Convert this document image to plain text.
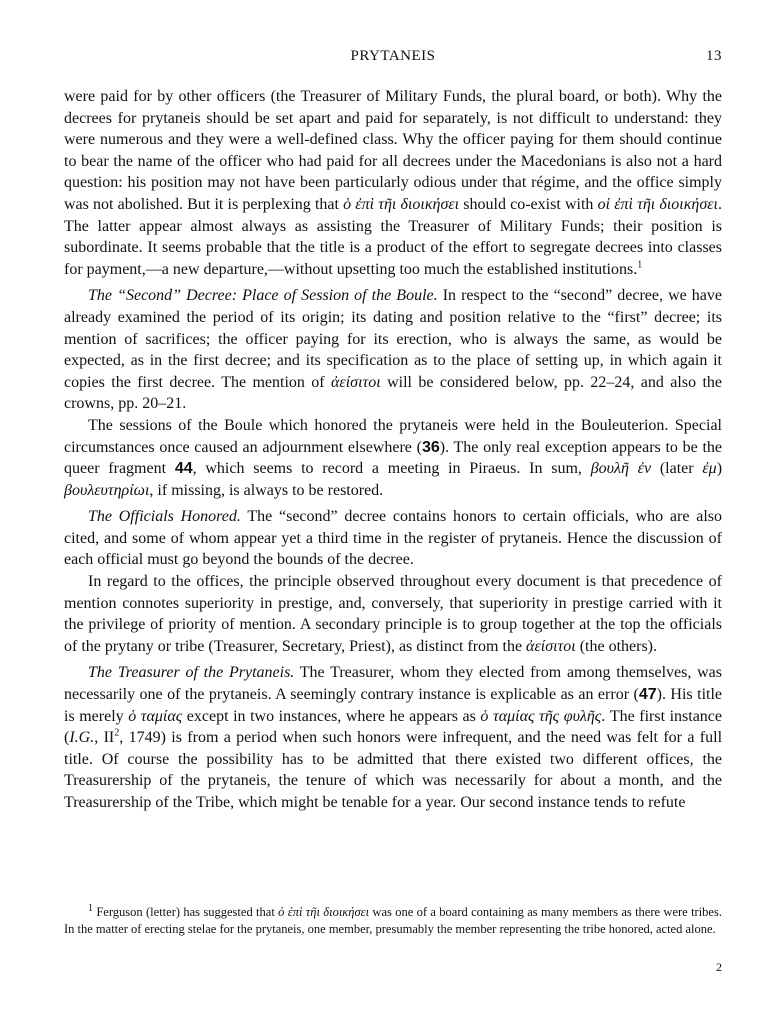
PRYTANEIS	13

were paid for by other officers (the Treasurer of Military Funds, the plural board, or both). Why the decrees for prytaneis should be set apart and paid for separately, is not difficult to understand: they were numerous and they were a well-defined class. Why the officer paying for them should continue to bear the name of the officer who had paid for all decrees under the Macedonians is also not a hard question: his position may not have been particularly odious under that régime, and the office simply was not abolished. But it is perplexing that ὁ ἐπὶ τῆι διοικήσει should co-exist with οἱ ἐπὶ τῆι διοικήσει. The latter appear almost always as assisting the Treasurer of Military Funds; their position is subordinate. It seems probable that the title is a product of the effort to segregate decrees into classes for payment,—a new departure,—without upsetting too much the established institutions.$^1$

The “Second” Decree: Place of Session of the Boule. In respect to the “second” decree, we have already examined the period of its origin; its dating and position relative to the “first” decree; its mention of sacrifices; the officer paying for its erection, who is always the same, as would be expected, as in the first decree; and its specification as to the place of setting up, in which again it copies the first decree. The mention of ἀείσιτοι will be considered below, pp. 22–24, and also the crowns, pp. 20–21.

The sessions of the Boule which honored the prytaneis were held in the Bouleuterion. Special circumstances once caused an adjournment elsewhere (36). The only real exception appears to be the queer fragment 44, which seems to record a meeting in Piraeus. In sum, βουλῆ ἐν (later ἐμ) βουλευτηρίωι, if missing, is always to be restored.

The Officials Honored. The “second” decree contains honors to certain officials, who are also cited, and some of whom appear yet a third time in the register of prytaneis. Hence the discussion of each official must go beyond the bounds of the decree.

In regard to the offices, the principle observed throughout every document is that precedence of mention connotes superiority in prestige, and, conversely, that superiority in prestige carried with it the privilege of priority of mention. A secondary principle is to group together at the top the officials of the prytany or tribe (Treasurer, Secretary, Priest), as distinct from the ἀείσιτοι (the others).

The Treasurer of the Prytaneis. The Treasurer, whom they elected from among themselves, was necessarily one of the prytaneis. A seemingly contrary instance is explicable as an error (47). His title is merely ὁ ταμίας except in two instances, where he appears as ὁ ταμίας τῆς φυλῆς. The first instance (I.G., $II^2$, 1749) is from a period when such honors were infrequent, and the need was felt for a full title. Of course the possibility has to be admitted that there existed two different offices, the Treasurership of the prytaneis, the tenure of which was necessarily for about a month, and the Treasurership of the Tribe, which might be tenable for a year. Our second instance tends to refute

$^1$ Ferguson (letter) has suggested that ὁ ἐπὶ τῆι διοικήσει was one of a board containing as many members as there were tribes. In the matter of erecting stelae for the prytaneis, one member, presumably the member representing the tribe honored, acted alone.

2
